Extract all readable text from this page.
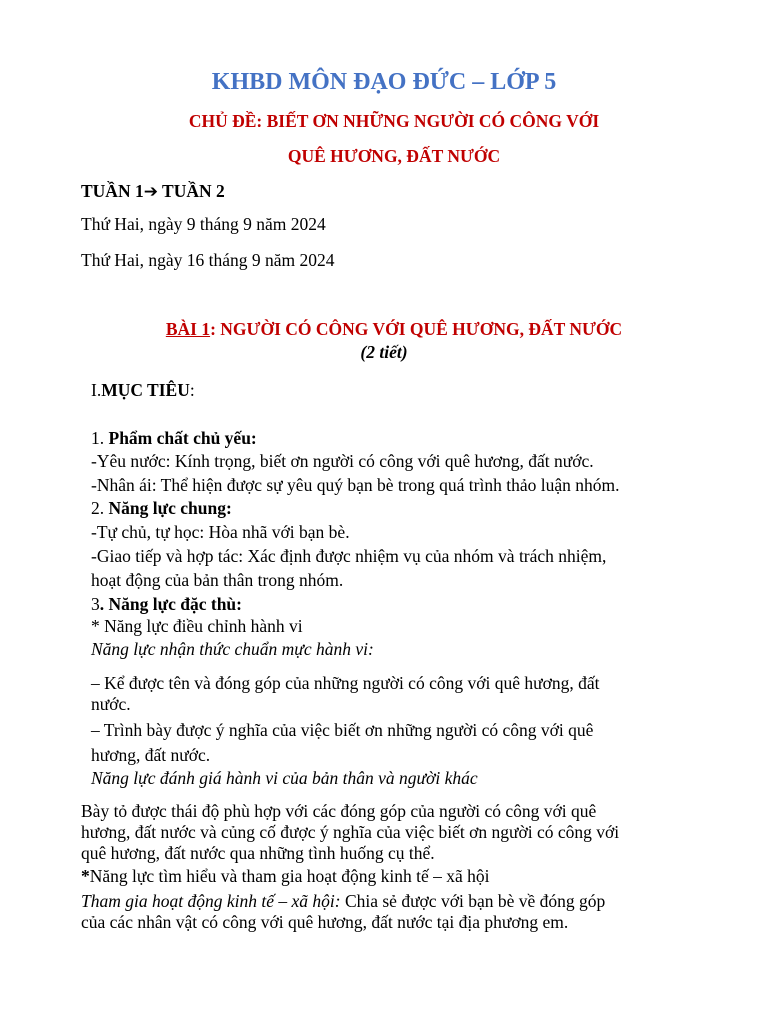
KHBD MÔN ĐẠO ĐỨC – LỚP 5
CHỦ ĐỀ: BIẾT ƠN NHỮNG NGƯỜI CÓ CÔNG VỚI
QUÊ HƯƠNG, ĐẤT NƯỚC
TUẦN 1➔ TUẦN 2
Thứ Hai, ngày 9 tháng 9 năm 2024
Thứ Hai, ngày 16 tháng 9 năm 2024
BÀI 1: NGƯỜI CÓ CÔNG VỚI QUÊ HƯƠNG, ĐẤT NƯỚC
(2 tiết)
I.MỤC TIÊU:
1. Phẩm chất chủ yếu:
-Yêu nước: Kính trọng, biết ơn người có công với quê hương, đất nước.
-Nhân ái: Thể hiện được sự yêu quý bạn bè trong quá trình thảo luận nhóm.
2. Năng lực chung:
-Tự chủ, tự học: Hòa nhã với bạn bè.
-Giao tiếp và hợp tác: Xác định được nhiệm vụ của nhóm và trách nhiệm,
hoạt động của bản thân trong nhóm.
3. Năng lực đặc thù:
* Năng lực điều chỉnh hành vi
Năng lực nhận thức chuẩn mực hành vi:
– Kể được tên và đóng góp của những người có công với quê hương, đất
nước.
– Trình bày được ý nghĩa của việc biết ơn những người có công với quê
hương, đất nước.
Năng lực đánh giá hành vi của bản thân và người khác
Bày tỏ được thái độ phù hợp với các đóng góp của người có công với quê
hương, đất nước và củng cố được ý nghĩa của việc biết ơn người có công với
quê hương, đất nước qua những tình huống cụ thể.
*Năng lực tìm hiểu và tham gia hoạt động kinh tế – xã hội
Tham gia hoạt động kinh tế – xã hội: Chia sẻ được với bạn bè về đóng góp
của các nhân vật có công với quê hương, đất nước tại địa phương em.
